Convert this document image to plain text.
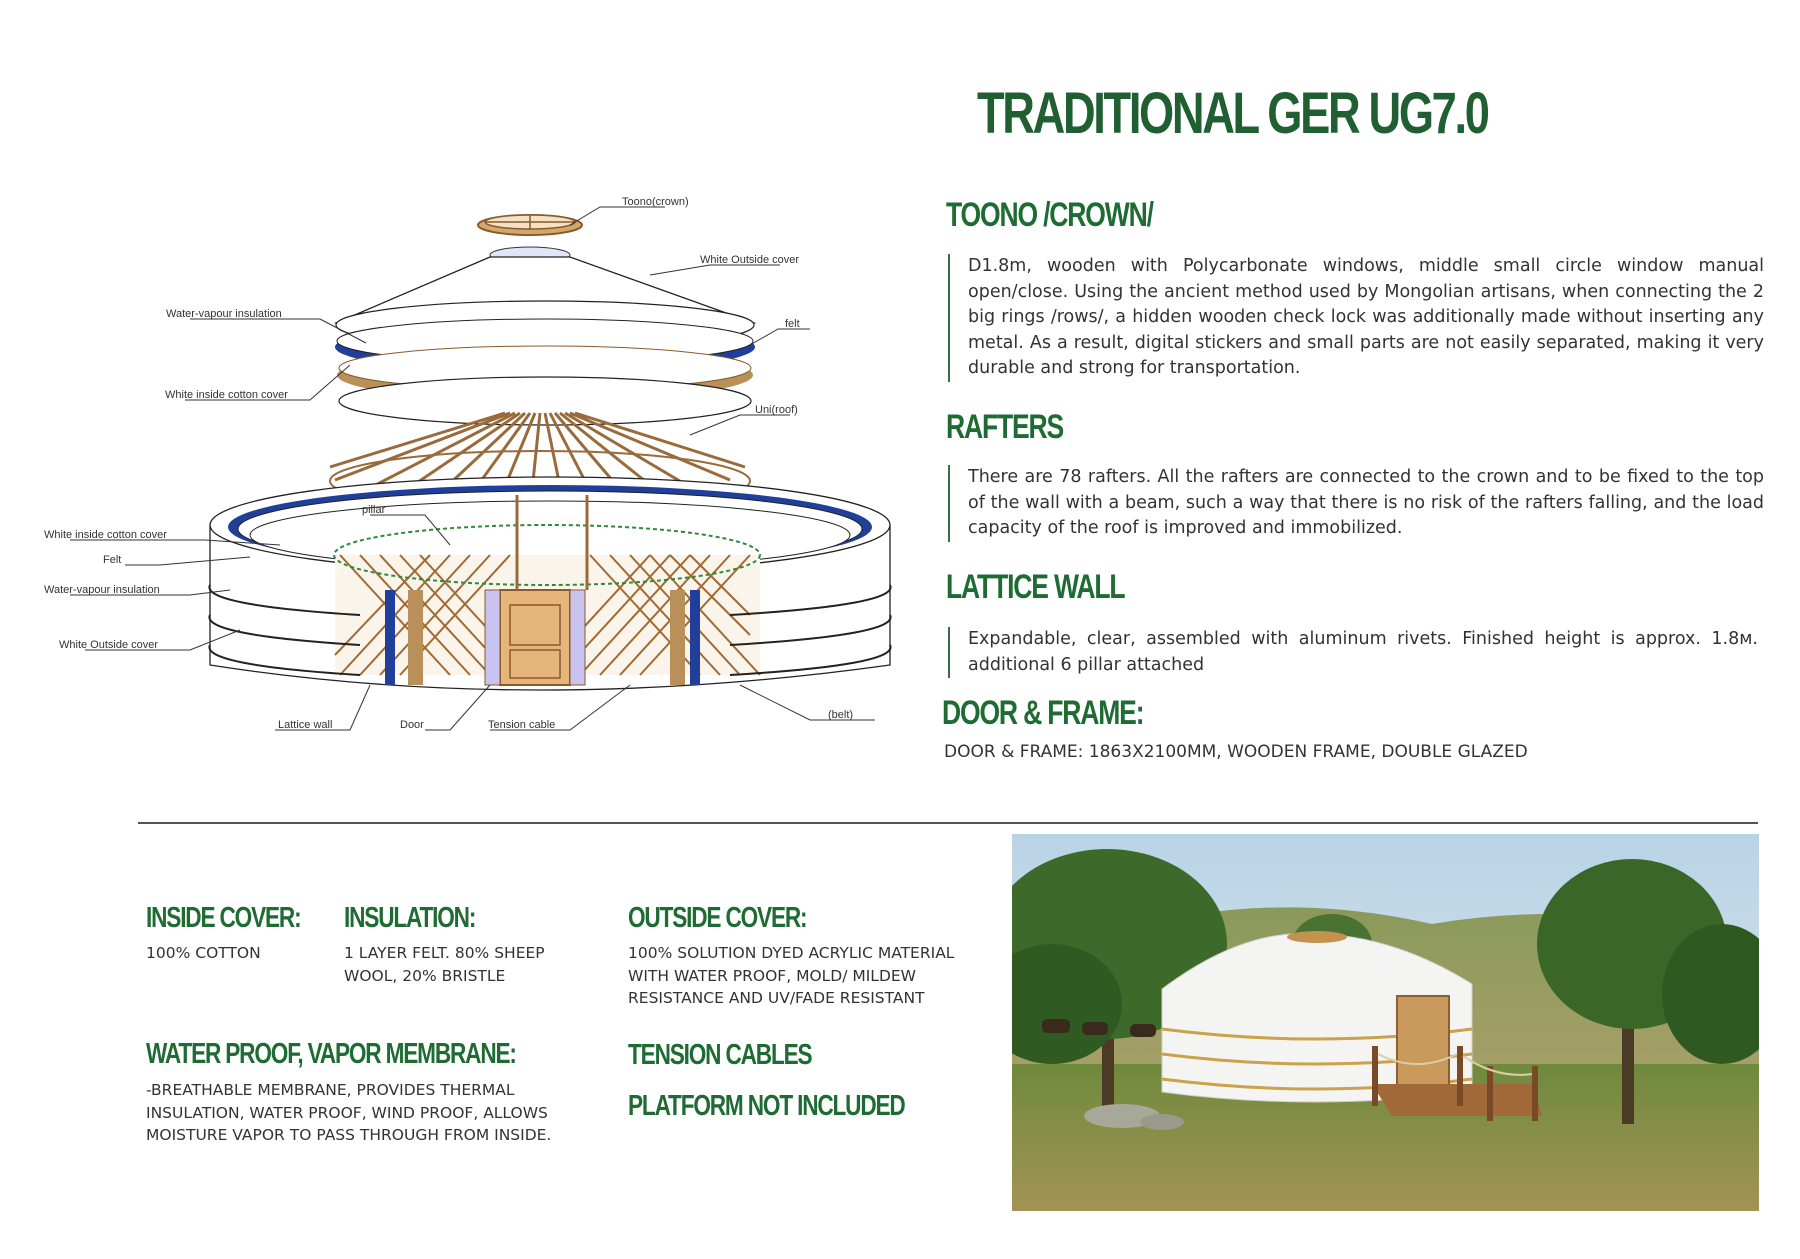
TRADITIONAL GER UG7.0
Toono(crown)
White Outside cover
Water-vapour insulation
felt
White inside cotton cover
Uni(roof)
pillar
White inside cotton cover
Felt
Water-vapour insulation
White Outside cover
Lattice wall	Door	Tension cable
(belt)
TOONO /CROWN/
D1.8m, wooden with Polycarbonate windows, middle small circle window manual open/close. Using the ancient method used by Mongolian artisans, when connecting the 2 big rings /rows/, a hidden wooden check lock was additionally made without inserting any metal. As a result, digital stickers and small parts are not easily separated, making it very durable and strong for transportation.
RAFTERS
There are 78 rafters. All the rafters are connected to the crown and to be fixed to the top of the wall with a beam, such a way that there is no risk of the rafters falling, and the load capacity of the roof is improved and immobilized.
LATTICE WALL
Expandable, clear, assembled with aluminum rivets. Finished height is approx. 1.8м. additional 6 pillar attached
DOOR & FRAME:
DOOR & FRAME: 1863X2100MM, WOODEN FRAME, DOUBLE GLAZED
INSIDE COVER:
100% COTTON
INSULATION:
1 LAYER FELT. 80% SHEEP WOOL, 20% BRISTLE
OUTSIDE COVER:
100% SOLUTION DYED ACRYLIC MATERIAL WITH WATER PROOF, MOLD/ MILDEW RESISTANCE AND UV/FADE RESISTANT
WATER PROOF, VAPOR MEMBRANE:
-BREATHABLE MEMBRANE, PROVIDES THERMAL INSULATION, WATER PROOF, WIND PROOF, ALLOWS MOISTURE VAPOR TO PASS THROUGH FROM INSIDE.
TENSION CABLES
PLATFORM NOT INCLUDED
